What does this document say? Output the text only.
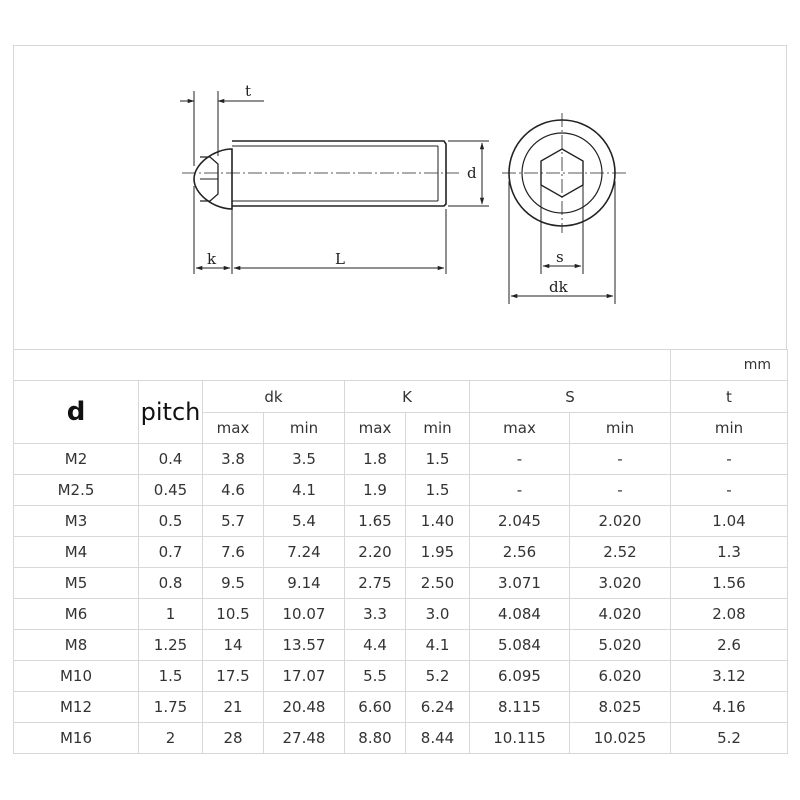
t
k	L
d
s
dk
								mm
d	pitch	dk		K		S		t
		max	min	max	min	max	min	min
M2	0.4	3.8	3.5	1.8	1.5	-	-	-
M2.5	0.45	4.6	4.1	1.9	1.5	-	-	-
M3	0.5	5.7	5.4	1.65	1.40	2.045	2.020	1.04
M4	0.7	7.6	7.24	2.20	1.95	2.56	2.52	1.3
M5	0.8	9.5	9.14	2.75	2.50	3.071	3.020	1.56
M6	1	10.5	10.07	3.3	3.0	4.084	4.020	2.08
M8	1.25	14	13.57	4.4	4.1	5.084	5.020	2.6
M10	1.5	17.5	17.07	5.5	5.2	6.095	6.020	3.12
M12	1.75	21	20.48	6.60	6.24	8.115	8.025	4.16
M16	2	28	27.48	8.80	8.44	10.115	10.025	5.2
